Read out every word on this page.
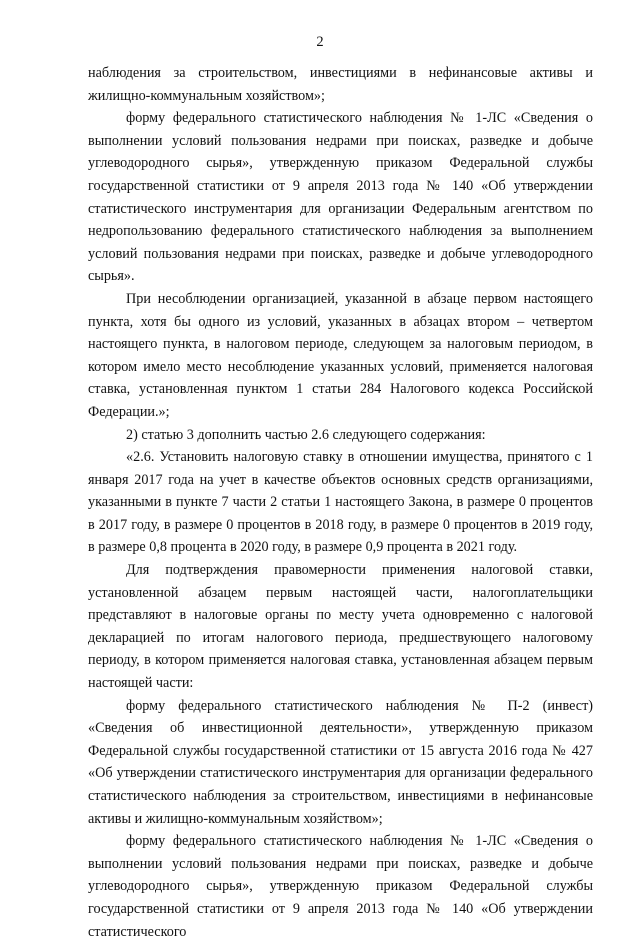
2

наблюдения за строительством, инвестициями в нефинансовые активы и жилищно-коммунальным хозяйством»;

форму федерального статистического наблюдения № 1-ЛС «Сведения о выполнении условий пользования недрами при поисках, разведке и добыче углеводородного сырья», утвержденную приказом Федеральной службы государственной статистики от 9 апреля 2013 года № 140 «Об утверждении статистического инструментария для организации Федеральным агентством по недропользованию федерального статистического наблюдения за выполнением условий пользования недрами при поисках, разведке и добыче углеводородного сырья».

При несоблюдении организацией, указанной в абзаце первом настоящего пункта, хотя бы одного из условий, указанных в абзацах втором – четвертом настоящего пункта, в налоговом периоде, следующем за налоговым периодом, в котором имело место несоблюдение указанных условий, применяется налоговая ставка, установленная пунктом 1 статьи 284 Налогового кодекса Российской Федерации.»;

2) статью 3 дополнить частью 2.6 следующего содержания:

«2.6. Установить налоговую ставку в отношении имущества, принятого с 1 января 2017 года на учет в качестве объектов основных средств организациями, указанными в пункте 7 части 2 статьи 1 настоящего Закона, в размере 0 процентов в 2017 году, в размере 0 процентов в 2018 году, в размере 0 процентов в 2019 году, в размере 0,8 процента в 2020 году, в размере 0,9 процента в 2021 году.

Для подтверждения правомерности применения налоговой ставки, установленной абзацем первым настоящей части, налогоплательщики представляют в налоговые органы по месту учета одновременно с налоговой декларацией по итогам налогового периода, предшествующего налоговому периоду, в котором применяется налоговая ставка, установленная абзацем первым настоящей части:

форму федерального статистического наблюдения № П-2 (инвест) «Сведения об инвестиционной деятельности», утвержденную приказом Федеральной службы государственной статистики от 15 августа 2016 года № 427 «Об утверждении статистического инструментария для организации федерального статистического наблюдения за строительством, инвестициями в нефинансовые активы и жилищно-коммунальным хозяйством»;

форму федерального статистического наблюдения № 1-ЛС «Сведения о выполнении условий пользования недрами при поисках, разведке и добыче углеводородного сырья», утвержденную приказом Федеральной службы государственной статистики от 9 апреля 2013 года № 140 «Об утверждении статистического
